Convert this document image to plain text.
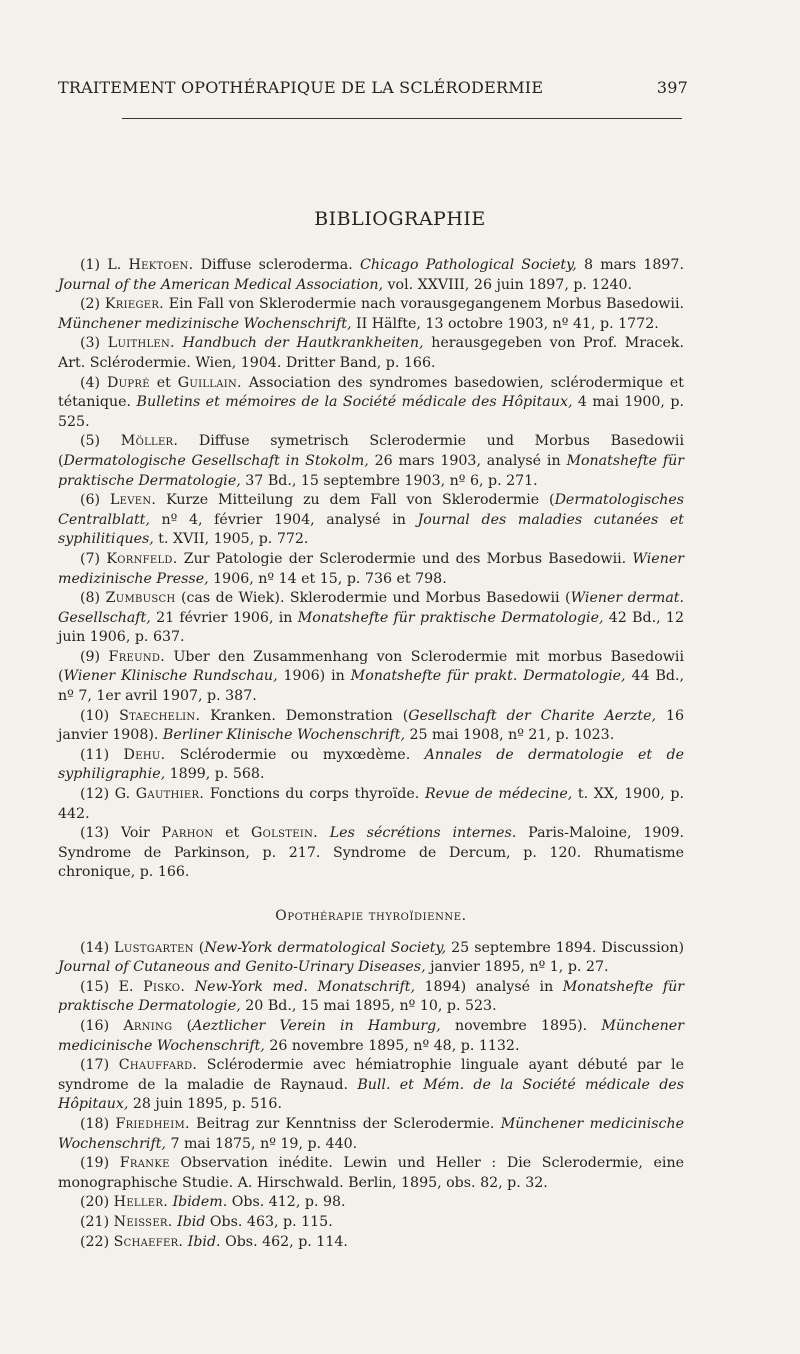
TRAITEMENT OPOTHÉRAPIQUE DE LA SCLÉRODERMIE	397
BIBLIOGRAPHIE

(1) L. Hektoen. Diffuse scleroderma. Chicago Pathological Society, 8 mars 1897. Journal of the American Medical Association, vol. XXVIII, 26 juin 1897, p. 1240.

(2) Krieger. Ein Fall von Sklerodermie nach vorausgegangenem Morbus Basedowii. Münchener medizinische Wochenschrift, II Hälfte, 13 octobre 1903, nº 41, p. 1772.

(3) Luithlen. Handbuch der Hautkrankheiten, herausgegeben von Prof. Mracek. Art. Sclérodermie. Wien, 1904. Dritter Band, p. 166.

(4) Dupré et Guillain. Association des syndromes basedowien, sclérodermique et tétanique. Bulletins et mémoires de la Société médicale des Hôpitaux, 4 mai 1900, p. 525.

(5) Möller. Diffuse symetrisch Sclerodermie und Morbus Basedowii (Dermatologische Gesellschaft in Stokolm, 26 mars 1903, analysé in Monatshefte für praktische Dermatologie, 37 Bd., 15 septembre 1903, nº 6, p. 271.

(6) Leven. Kurze Mitteilung zu dem Fall von Sklerodermie (Dermatologisches Centralblatt, nº 4, février 1904, analysé in Journal des maladies cutanées et syphilitiques, t. XVII, 1905, p. 772.

(7) Kornfeld. Zur Patologie der Sclerodermie und des Morbus Basedowii. Wiener medizinische Presse, 1906, nº 14 et 15, p. 736 et 798.

(8) Zumbusch (cas de Wiek). Sklerodermie und Morbus Basedowii (Wiener dermat. Gesellschaft, 21 février 1906, in Monatshefte für praktische Dermatologie, 42 Bd., 12 juin 1906, p. 637.

(9) Freund. Uber den Zusammenhang von Sclerodermie mit morbus Basedowii (Wiener Klinische Rundschau, 1906) in Monatshefte für prakt. Dermatologie, 44 Bd., nº 7, 1er avril 1907, p. 387.

(10) Staechelin. Kranken. Demonstration (Gesellschaft der Charite Aerzte, 16 janvier 1908). Berliner Klinische Wochenschrift, 25 mai 1908, nº 21, p. 1023.

(11) Dehu. Sclérodermie ou myxœdème. Annales de dermatologie et de syphiligraphie, 1899, p. 568.

(12) G. Gauthier. Fonctions du corps thyroïde. Revue de médecine, t. XX, 1900, p. 442.

(13) Voir Parhon et Golstein. Les sécrétions internes. Paris-Maloine, 1909. Syndrome de Parkinson, p. 217. Syndrome de Dercum, p. 120. Rhumatisme chronique, p. 166.

Opothérapie thyroïdienne.

(14) Lustgarten (New-York dermatological Society, 25 septembre 1894. Discussion) Journal of Cutaneous and Genito-Urinary Diseases, janvier 1895, nº 1, p. 27.

(15) E. Pisko. New-York med. Monatschrift, 1894) analysé in Monatshefte für praktische Dermatologie, 20 Bd., 15 mai 1895, nº 10, p. 523.

(16) Arning (Aeztlicher Verein in Hamburg, novembre 1895). Münchener medicinische Wochenschrift, 26 novembre 1895, nº 48, p. 1132.

(17) Chauffard. Sclérodermie avec hémiatrophie linguale ayant débuté par le syndrome de la maladie de Raynaud. Bull. et Mém. de la Société médicale des Hôpitaux, 28 juin 1895, p. 516.

(18) Friedheim. Beitrag zur Kenntniss der Sclerodermie. Münchener medicinische Wochenschrift, 7 mai 1875, nº 19, p. 440.

(19) Franke Observation inédite. Lewin und Heller : Die Sclerodermie, eine monographische Studie. A. Hirschwald. Berlin, 1895, obs. 82, p. 32.

(20) Heller. Ibidem. Obs. 412, p. 98.

(21) Neisser. Ibid Obs. 463, p. 115.

(22) Schaefer. Ibid. Obs. 462, p. 114.
